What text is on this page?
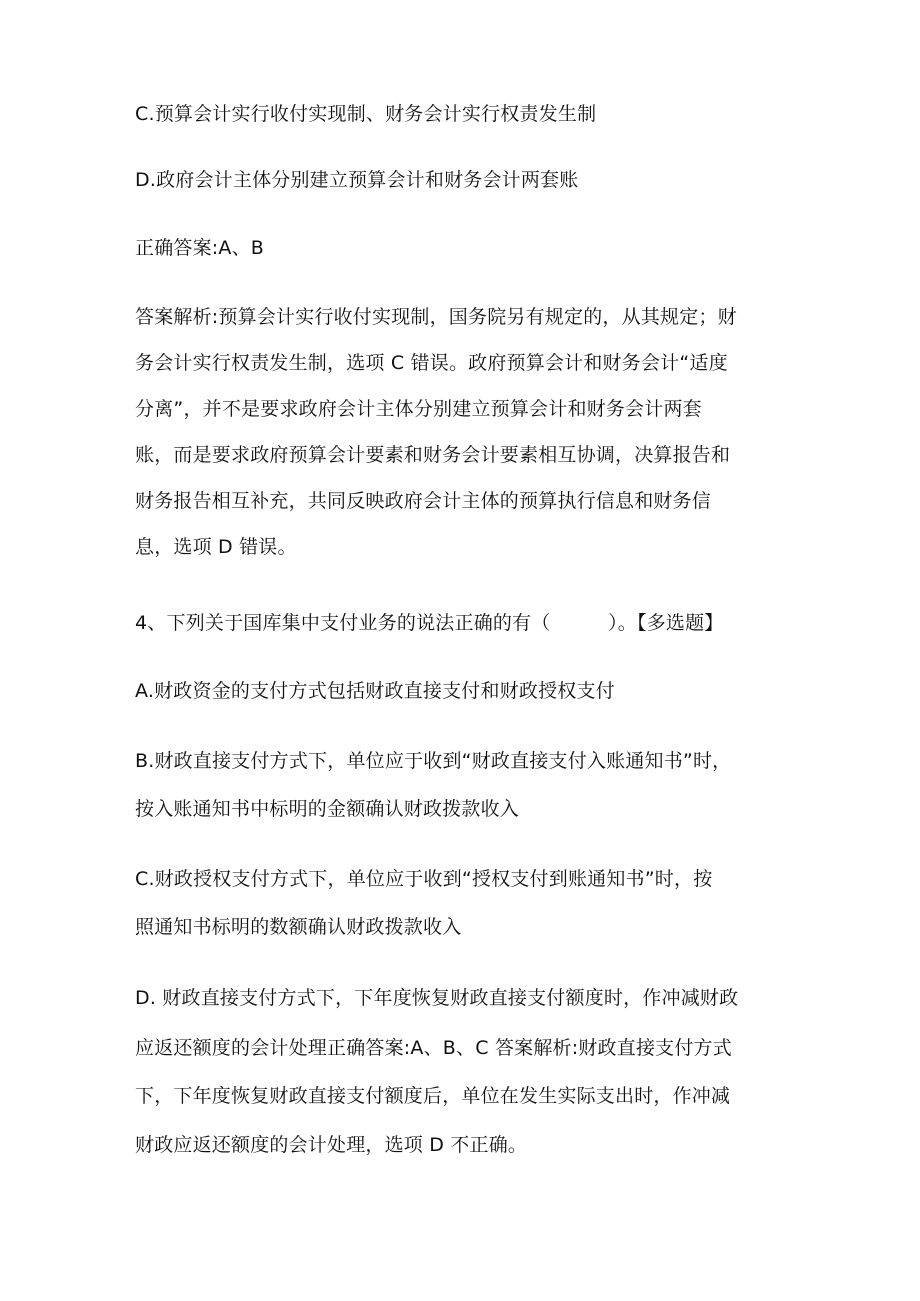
C.预算会计实行收付实现制、财务会计实行权责发生制
D.政府会计主体分别建立预算会计和财务会计两套账
正确答案:A、B
答案解析:预算会计实行收付实现制，国务院另有规定的，从其规定；财
务会计实行权责发生制，选项 C 错误。政府预算会计和财务会计“适度
分离”，并不是要求政府会计主体分别建立预算会计和财务会计两套
账，而是要求政府预算会计要素和财务会计要素相互协调，决算报告和
财务报告相互补充，共同反映政府会计主体的预算执行信息和财务信
息，选项 D 错误。
4、下列关于国库集中支付业务的说法正确的有（　　　）。【多选题】
A.财政资金的支付方式包括财政直接支付和财政授权支付
B.财政直接支付方式下，单位应于收到“财政直接支付入账通知书”时，
按入账通知书中标明的金额确认财政拨款收入
C.财政授权支付方式下，单位应于收到“授权支付到账通知书”时，按
照通知书标明的数额确认财政拨款收入
D. 财政直接支付方式下，下年度恢复财政直接支付额度时，作冲减财政
应返还额度的会计处理正确答案:A、B、C 答案解析:财政直接支付方式
下，下年度恢复财政直接支付额度后，单位在发生实际支出时，作冲减
财政应返还额度的会计处理，选项 D 不正确。
